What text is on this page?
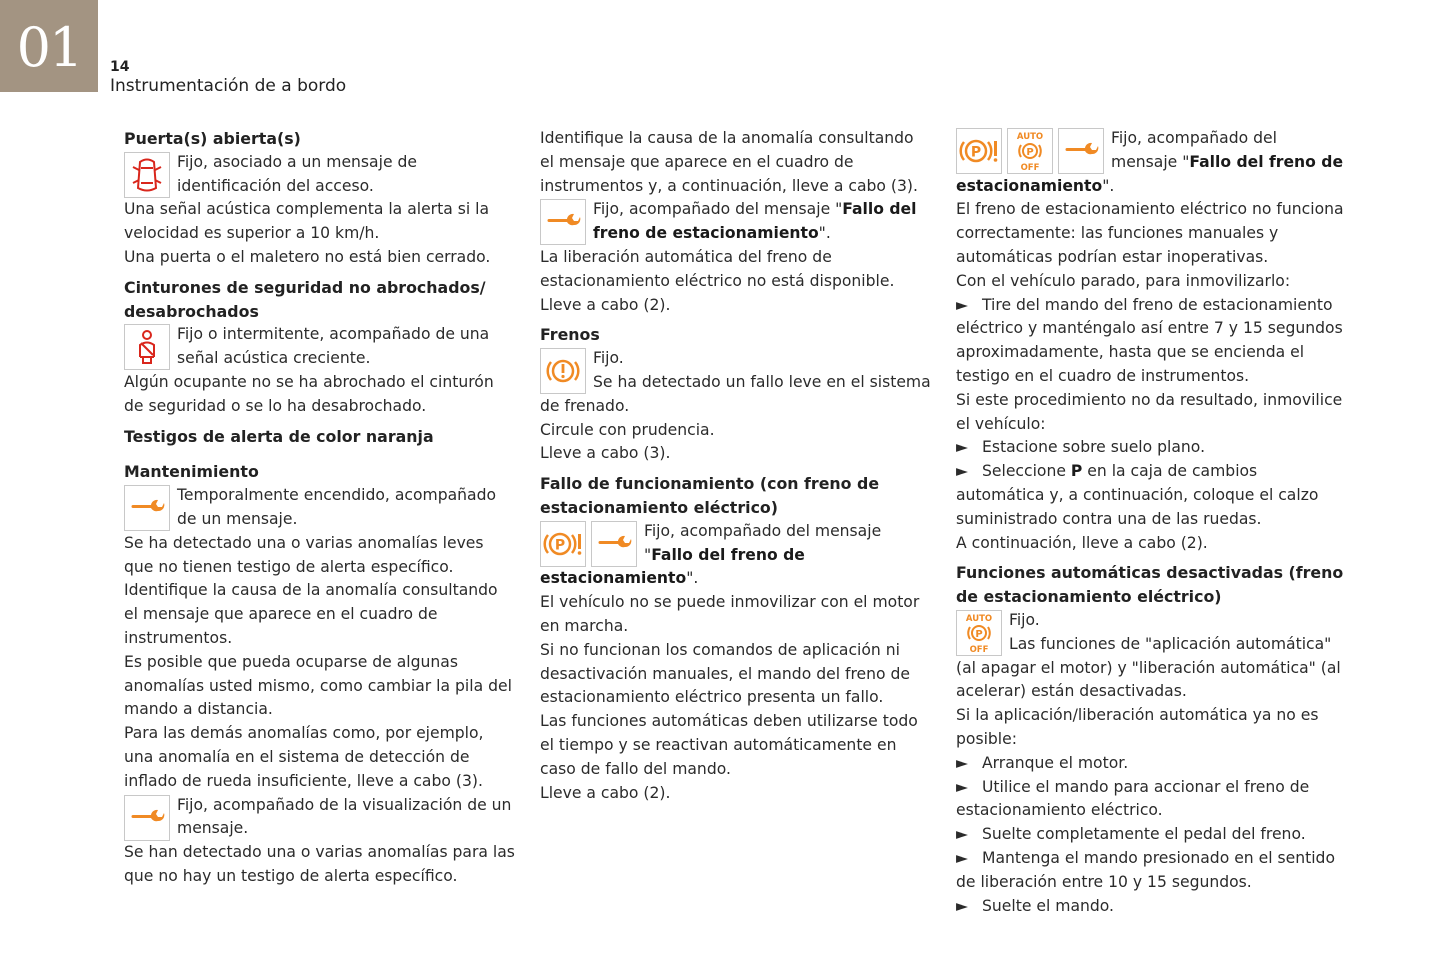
01 14
Instrumentación de a bordo
Puerta(s) abierta(s)

Fijo, asociado a un mensaje de identificación del acceso.

Una señal acústica complementa la alerta si la velocidad es superior a 10 km/h.

Una puerta o el maletero no está bien cerrado.

Cinturones de seguridad no abrochados/ desabrochados

Fijo o intermitente, acompañado de una señal acústica creciente.

Algún ocupante no se ha abrochado el cinturón de seguridad o se lo ha desabrochado.

Testigos de alerta de color naranja
Mantenimiento

Temporalmente encendido, acompañado de un mensaje.

Se ha detectado una o varias anomalías leves que no tienen testigo de alerta específico.

Identifique la causa de la anomalía consultando el mensaje que aparece en el cuadro de instrumentos.

Es posible que pueda ocuparse de algunas anomalías usted mismo, como cambiar la pila del mando a distancia.

Para las demás anomalías como, por ejemplo, una anomalía en el sistema de detección de inflado de rueda insuficiente, lleve a cabo (3).

Fijo, acompañado de la visualización de un mensaje.

Se han detectado una o varias anomalías para las que no hay un testigo de alerta específico.

Identifique la causa de la anomalía consultando el mensaje que aparece en el cuadro de instrumentos y, a continuación, lleve a cabo (3).

Fijo, acompañado del mensaje "Fallo del freno de estacionamiento".

La liberación automática del freno de estacionamiento eléctrico no está disponible.

Lleve a cabo (2).

Frenos

Fijo.

Se ha detectado un fallo leve en el sistema de frenado.

Circule con prudencia.

Lleve a cabo (3).

Fallo de funcionamiento (con freno de estacionamiento eléctrico)
P

Fijo, acompañado del mensaje "Fallo del freno de estacionamiento".

El vehículo no se puede inmovilizar con el motor en marcha.

Si no funcionan los comandos de aplicación ni desactivación manuales, el mando del freno de estacionamiento eléctrico presenta un fallo.

Las funciones automáticas deben utilizarse todo el tiempo y se reactivan automáticamente en caso de fallo del mando.

Lleve a cabo (2).

P
AUTO
P
OFF

Fijo, acompañado del mensaje "Fallo del freno de estacionamiento".

El freno de estacionamiento eléctrico no funciona correctamente: las funciones manuales y automáticas podrían estar inoperativas.

Con el vehículo parado, para inmovilizarlo:

► Tire del mando del freno de estacionamiento eléctrico y manténgalo así entre 7 y 15 segundos aproximadamente, hasta que se encienda el testigo en el cuadro de instrumentos.

Si este procedimiento no da resultado, inmovilice el vehículo:

► Estacione sobre suelo plano.

► Seleccione P en la caja de cambios automática y, a continuación, coloque el calzo suministrado contra una de las ruedas.

A continuación, lleve a cabo (2).

Funciones automáticas desactivadas (freno de estacionamiento eléctrico)
AUTO
P
OFF

Fijo.

Las funciones de "aplicación automática" (al apagar el motor) y "liberación automática" (al acelerar) están desactivadas.

Si la aplicación/liberación automática ya no es posible:

► Arranque el motor.

► Utilice el mando para accionar el freno de estacionamiento eléctrico.

► Suelte completamente el pedal del freno.

► Mantenga el mando presionado en el sentido de liberación entre 10 y 15 segundos.

► Suelte el mando.
